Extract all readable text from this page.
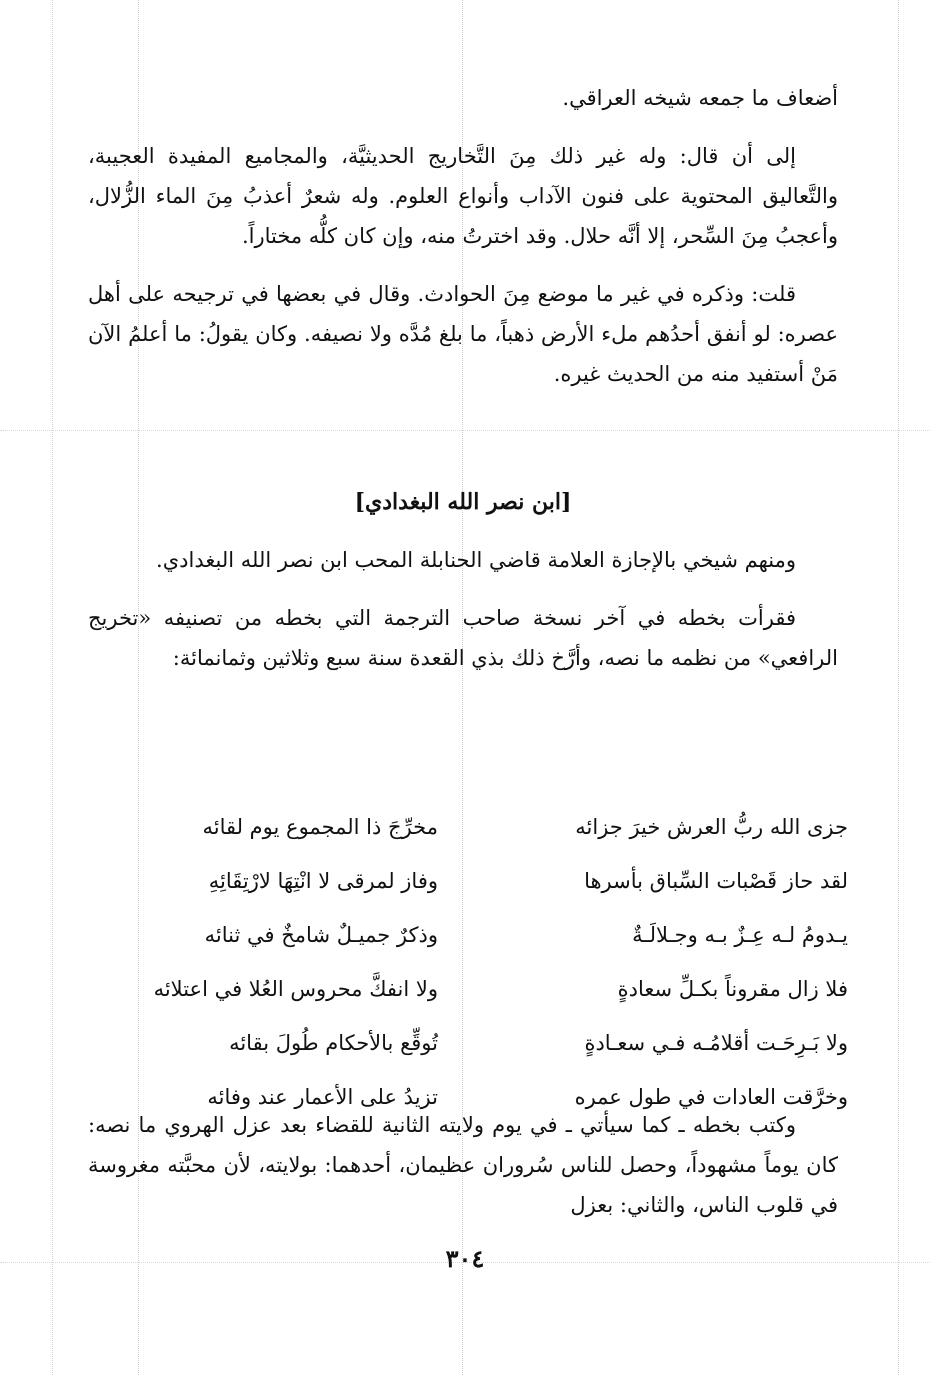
أضعاف ما جمعه شيخه العراقي.

إلى أن قال: وله غير ذلك مِنَ التَّخاريج الحديثيَّة، والمجاميع المفيدة العجيبة، والتَّعاليق المحتوية على فنون الآداب وأنواع العلوم. وله شعرٌ أعذبُ مِنَ الماء الزُّلال، وأعجبُ مِنَ السِّحر، إلا أنَّه حلال. وقد اخترتُ منه، وإن كان كلُّه مختاراً.

قلت: وذكره في غير ما موضع مِنَ الحوادث. وقال في بعضها في ترجيحه على أهل عصره: لو أنفق أحدُهم ملء الأرض ذهباً، ما بلغ مُدَّه ولا نصيفه. وكان يقولُ: ما أعلمُ الآن مَنْ أستفيد منه من الحديث غيره.

[ابن نصر الله البغدادي]

ومنهم شيخي بالإجازة العلامة قاضي الحنابلة المحب ابن نصر الله البغدادي.

فقرأت بخطه في آخر نسخة صاحب الترجمة التي بخطه من تصنيفه «تخريج الرافعي» من نظمه ما نصه، وأرَّخ ذلك بذي القعدة سنة سبع وثلاثين وثمانمائة:

جزى الله ربُّ العرش خيرَ جزائه
مخرِّجَ ذا المجموع يوم لقائه
لقد حاز قَصْبات السِّباق بأسرها
وفاز لمرقى لا انْتِهَا لارْتِقَائِهِ
يـدومُ لـه عِـزٌ بـه وجـلالَـةٌ
وذكرٌ جميـلٌ شامخٌ في ثنائه
فلا زال مقروناً بكـلِّ سعادةٍ
ولا انفكَّ محروس العُلا في اعتلائه
ولا بَـرِحَـت أقلامُـه فـي سعـادةٍ
تُوقِّع بالأحكام طُولَ بقائه
وخرَّقت العادات في طول عمره
تزيدُ على الأعمار عند وفائه

وكتب بخطه ـ كما سيأتي ـ في يوم ولايته الثانية للقضاء بعد عزل الهروي ما نصه: كان يوماً مشهوداً، وحصل للناس سُروران عظيمان، أحدهما: بولايته، لأن محبَّته مغروسة في قلوب الناس، والثاني: بعزل

٣٠٤
